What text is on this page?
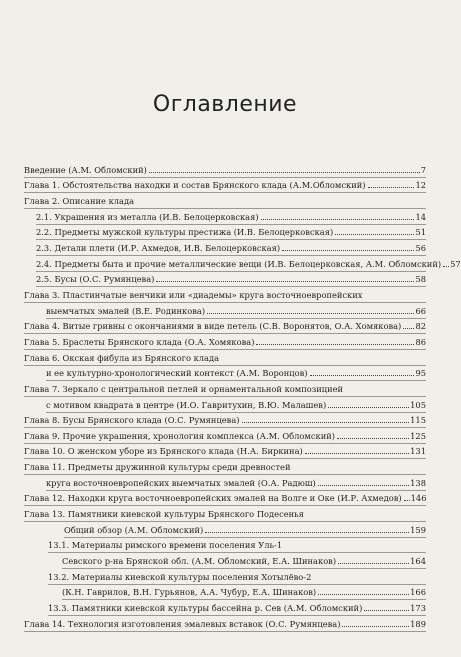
Оглавление
Введение (А.М. Обломский)	7
Глава 1. Обстоятельства находки и состав Брянского клада (А.М.Обломский)	12
Глава 2. Описание клада
2.1. Украшения из металла (И.В. Белоцерковская)	14
2.2. Предметы мужской культуры престижа (И.В. Белоцерковская)	51
2.3. Детали плети (И.Р. Ахмедов, И.В. Белоцерковская)	56
2.4. Предметы быта и прочие металлические вещи (И.В. Белоцерковская, А.М. Обломский) 57
2.5. Бусы (О.С. Румянцева)	58
Глава 3. Пластинчатые венчики или «диадемы» круга восточноевропейских
выемчатых эмалей (В.Е. Родинкова)	66
Глава 4. Витые гривны с окончаниями в виде петель (С.В. Воронятов, О.А. Хомякова) 82
Глава 5. Браслеты Брянского клада (О.А. Хомякова)	86
Глава 6. Окская фибула из Брянского клада
и ее культурно-хронологический контекст (А.М. Воронцов)	95
Глава 7. Зеркало с центральной петлей и орнаментальной композицией
с мотивом квадрата в центре (И.О. Гавритухин, В.Ю. Малашев)	105
Глава 8. Бусы Брянского клада (О.С. Румянцева)	115
Глава 9. Прочие украшения, хронология комплекса (А.М. Обломский)	125
Глава 10. О женском уборе из Брянского клада (Н.А. Биркина)	131
Глава 11. Предметы дружинной культуры среди древностей
круга восточноевропейских выемчатых эмалей (О.А. Радюш)	138
Глава 12. Находки круга восточноевропейских эмалей на Волге и Оке (И.Р. Ахмедов) 146
Глава 13. Памятники киевской культуры Брянского Подесенья
Общий обзор (А.М. Обломский)	159
13.1. Материалы римского времени поселения Уль-1
Севского р-на Брянской обл. (А.М. Обломский, Е.А. Шинаков)	164
13.2. Материалы киевской культуры поселения Хотылёво-2
(К.Н. Гаврилов, В.Н. Гурьянов, А.А. Чубур, Е.А. Шинаков)	166
13.3. Памятники киевской культуры бассейна р. Сев (А.М. Обломский)	173
Глава 14. Технология изготовления эмалевых вставок (О.С. Румянцева)	189
